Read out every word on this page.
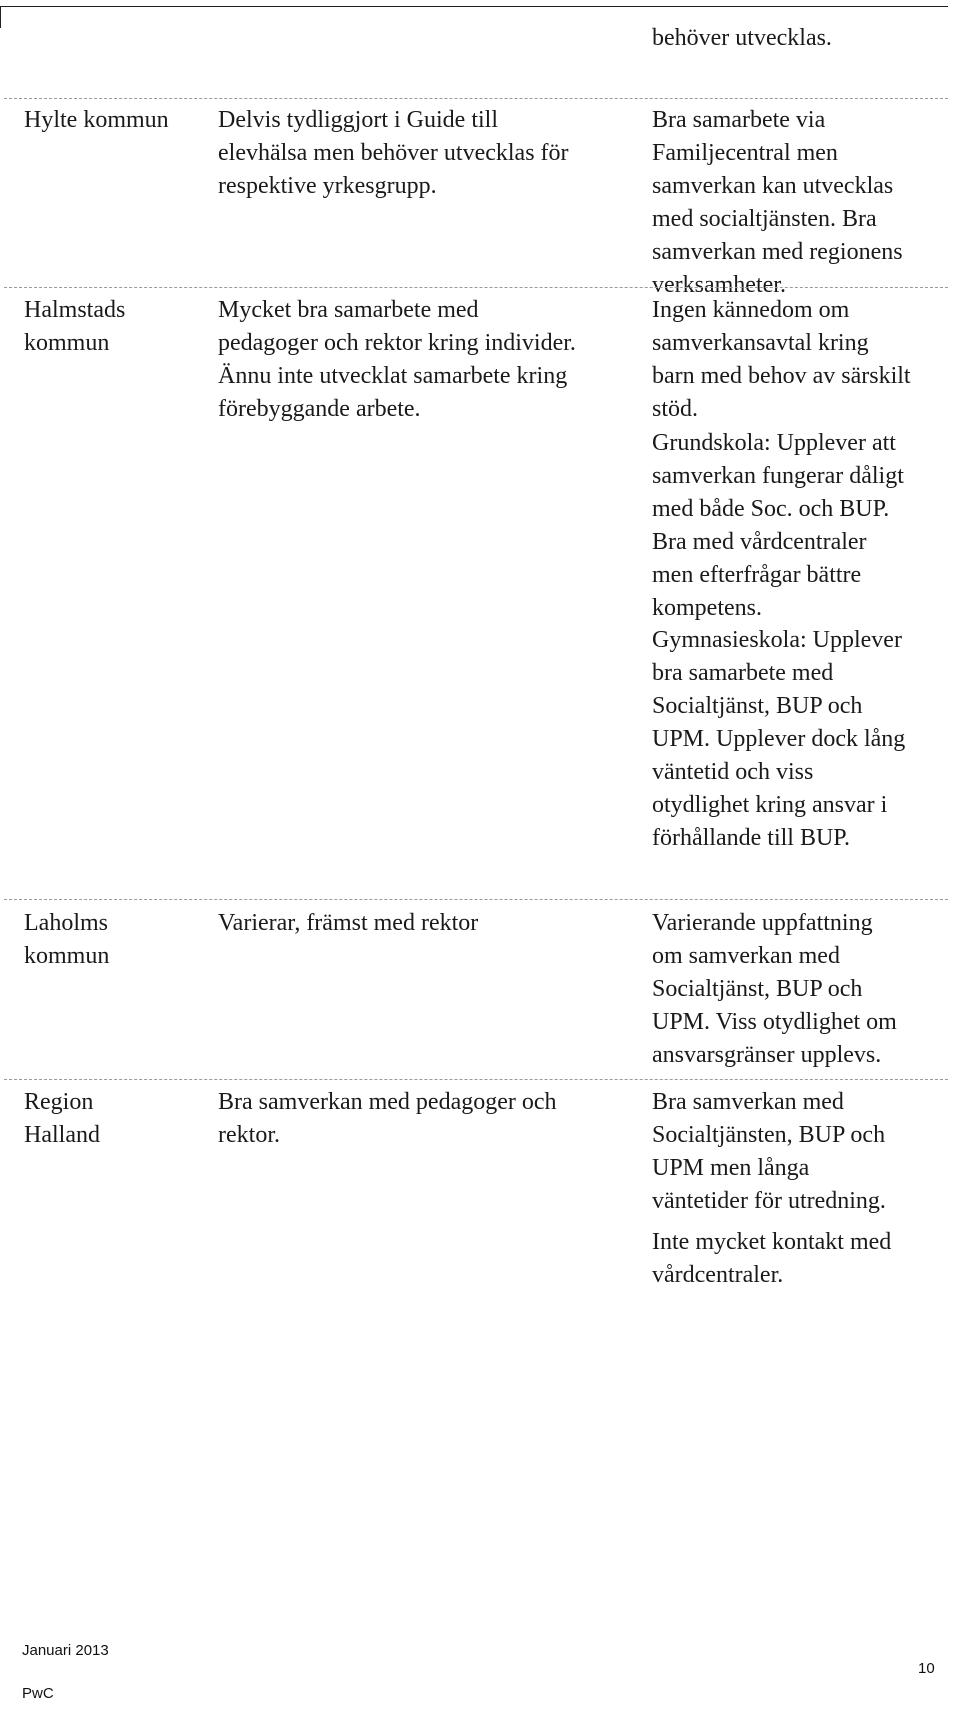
behöver utvecklas.

Hylte kommun	Delvis tydliggjort i Guide till
elevhälsa men behöver utvecklas för
respektive yrkesgrupp.

Bra samarbete via
Familjecentral men
samverkan kan utvecklas
med socialtjänsten. Bra
samverkan med regionens
verksamheter.

Halmstads
kommun

Mycket bra samarbete med
pedagoger och rektor kring individer.
Ännu inte utvecklat samarbete kring
förebyggande arbete.

Ingen kännedom om
samverkansavtal kring
barn med behov av särskilt
stöd.

Grundskola: Upplever att
samverkan fungerar dåligt
med både Soc. och BUP.
Bra med vårdcentraler
men efterfrågar bättre
kompetens.

Gymnasieskola: Upplever
bra samarbete med
Socialtjänst, BUP och
UPM. Upplever dock lång
väntetid och viss
otydlighet kring ansvar i
förhållande till BUP.

Laholms
kommun

Varierar, främst med rektor	Varierande uppfattning
om samverkan med
Socialtjänst, BUP och
UPM. Viss otydlighet om
ansvarsgränser upplevs.

Region
Halland

Bra samverkan med pedagoger och
rektor.

Bra samverkan med
Socialtjänsten, BUP och
UPM men långa
väntetider för utredning.

Inte mycket kontakt med
vårdcentraler.

Januari 2013
PwC
10
